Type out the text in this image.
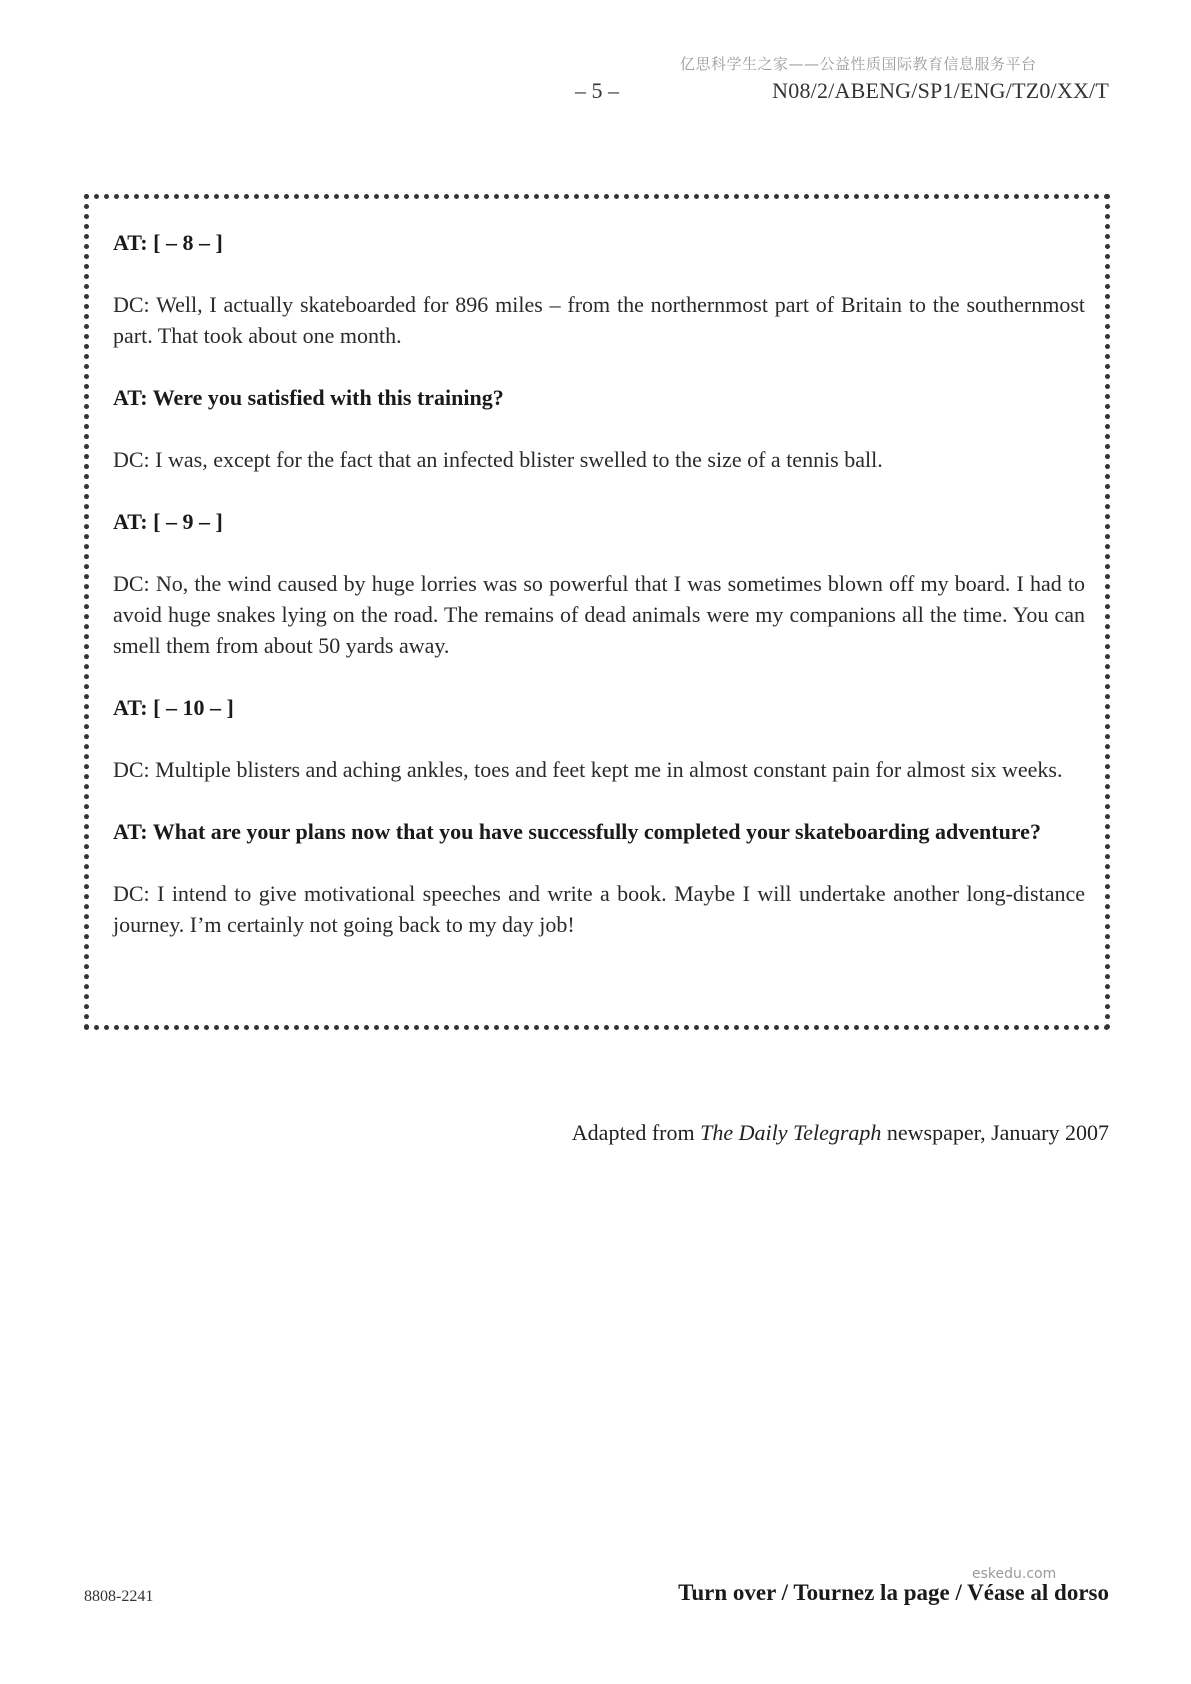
亿思科学生之家——公益性质国际教育信息服务平台
– 5 –	N08/2/ABENG/SP1/ENG/TZ0/XX/T

AT: [ – 8 – ]

DC: Well, I actually skateboarded for 896 miles – from the northernmost part of Britain to the southernmost part. That took about one month.

AT: Were you satisfied with this training?

DC: I was, except for the fact that an infected blister swelled to the size of a tennis ball.

AT: [ – 9 – ]

DC: No, the wind caused by huge lorries was so powerful that I was sometimes blown off my board. I had to avoid huge snakes lying on the road. The remains of dead animals were my companions all the time. You can smell them from about 50 yards away.

AT: [ – 10 – ]

DC: Multiple blisters and aching ankles, toes and feet kept me in almost constant pain for almost six weeks.

AT: What are your plans now that you have successfully completed your skateboarding adventure?

DC: I intend to give motivational speeches and write a book. Maybe I will undertake another long-distance journey. I’m certainly not going back to my day job!

Adapted from The Daily Telegraph newspaper, January 2007
8808-2241
eskedu.com
Turn over / Tournez la page / Véase al dorso
